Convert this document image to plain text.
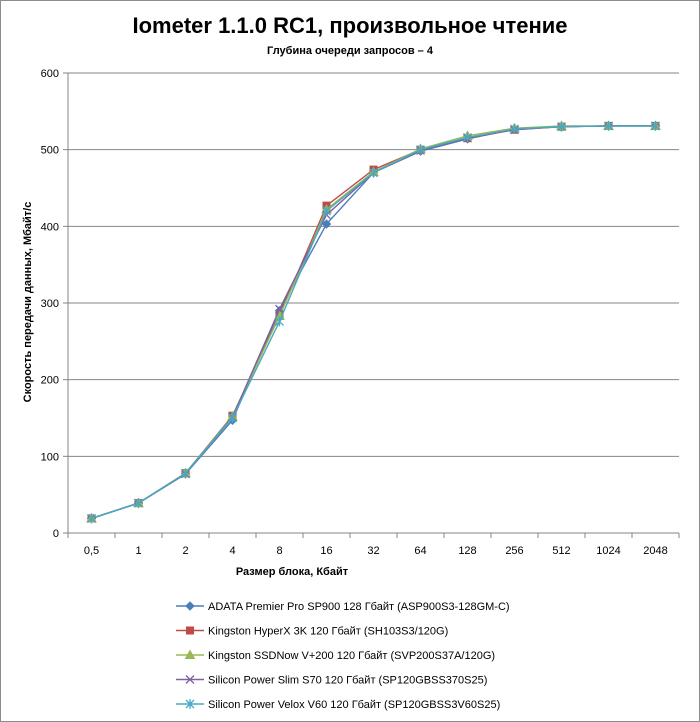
Iometer 1.1.0 RC1, произвольное чтение
Глубина очереди запросов – 4
0
100
200
300
400
500
600
0,5	1	2	4	8	16	32	64	128	256	512 1024 2048
Размер блока, Кбайт
Скорость передачи данных, Мбайт/с
ADATA Premier Pro SP900 128 Гбайт (ASP900S3-128GM-C)
Kingston HyperX 3K 120 Гбайт (SH103S3/120G)
Kingston SSDNow V+200 120 Гбайт (SVP200S37A/120G)
Silicon Power Slim S70 120 Гбайт (SP120GBSS370S25)
Silicon Power Velox V60 120 Гбайт (SP120GBSS3V60S25)
